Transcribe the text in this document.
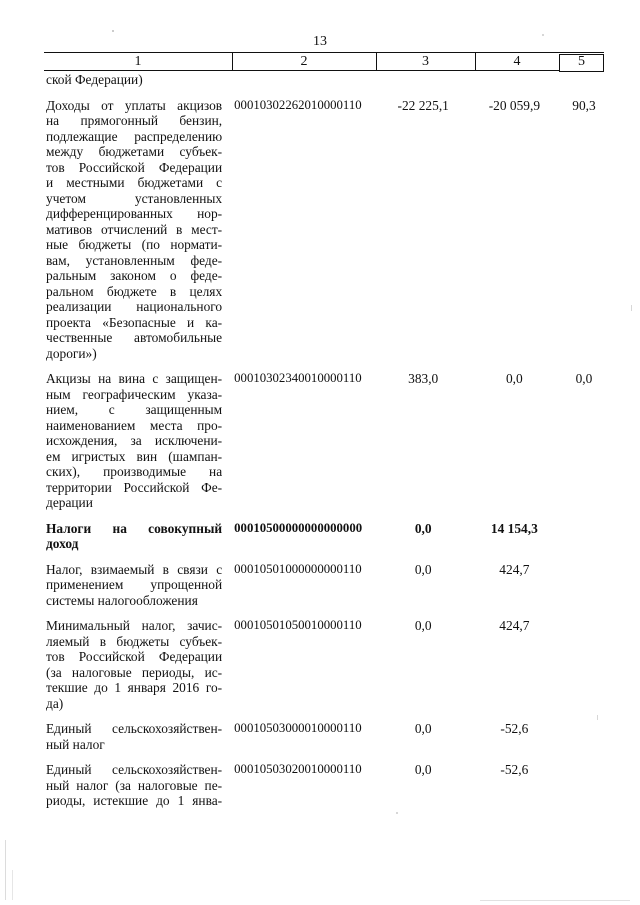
13
1	2	3	4	5
ской Федерации)
Доходы от уплаты акцизов
на прямогонный бензин,
подлежащие распределению
между бюджетами субъек-
тов Российской Федерации
и местными бюджетами с
учетом установленных
дифференцированных нор-
мативов отчислений в мест-
ные бюджеты (по нормати-
вам, установленным феде-
ральным законом о феде-
ральном бюджете в целях
реализации национального
проекта «Безопасные и ка-
чественные автомобильные
дороги»)
00010302262010000110	-22 225,1	-20 059,9	90,3
Акцизы на вина с защищен-
ным географическим указа-
нием, с защищенным
наименованием места про-
исхождения, за исключени-
ем игристых вин (шампан-
ских), производимые на
территории Российской Фе-
дерации
00010302340010000110	383,0	0,0	0,0
Налоги на совокупный
доход
00010500000000000000	0,0	14 154,3
Налог, взимаемый в связи с
применением упрощенной
системы налогообложения
00010501000000000110	0,0	424,7
Минимальный налог, зачис-
ляемый в бюджеты субъек-
тов Российской Федерации
(за налоговые периоды, ис-
текшие до 1 января 2016 го-
да)
00010501050010000110	0,0	424,7
Единый сельскохозяйствен-
ный налог
00010503000010000110	0,0	-52,6
Единый сельскохозяйствен-
ный налог (за налоговые пе-
риоды, истекшие до 1 янва-
00010503020010000110	0,0	-52,6
